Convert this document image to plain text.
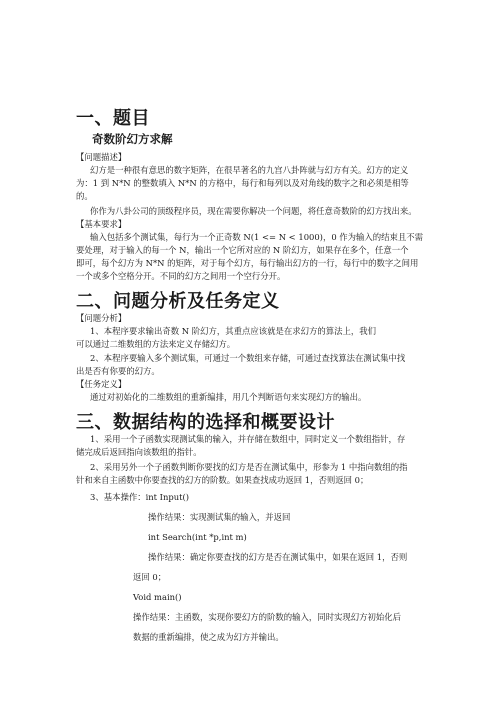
一、题目
奇数阶幻方求解
【问题描述】
幻方是一种很有意思的数字矩阵，在很早著名的九宫八卦阵就与幻方有关。幻方的定义
为：1 到 N*N 的整数填入 N*N 的方格中，每行和每列以及对角线的数字之和必须是相等
的。
你作为八卦公司的顶级程序员，现在需要你解决一个问题，将任意奇数阶的幻方找出来。
【基本要求】
输入包括多个测试集，每行为一个正奇数 N(1 <= N < 1000)，0 作为输入的结束且不需
要处理，对于输入的每一个 N，输出一个它所对应的 N 阶幻方，如果存在多个，任意一个
即可，每个幻方为 N*N 的矩阵，对于每个幻方，每行输出幻方的一行，每行中的数字之间用
一个或多个空格分开。不同的幻方之间用一个空行分开。
二、问题分析及任务定义
【问题分析】
1、本程序要求输出奇数 N 阶幻方，其重点应该就是在求幻方的算法上，我们
可以通过二维数组的方法来定义存储幻方。
2、本程序要输入多个测试集，可通过一个数组来存储，可通过查找算法在测试集中找
出是否有你要的幻方。
【任务定义】
通过对初始化的二维数组的重新编排，用几个判断语句来实现幻方的输出。
三、数据结构的选择和概要设计
1、采用一个子函数实现测试集的输入，并存储在数组中，同时定义一个数组指针，存
储完成后返回指向该数组的指针。
2、采用另外一个子函数判断你要找的幻方是否在测试集中，形参为 1 中指向数组的指
针和来自主函数中你要查找的幻方的阶数。如果查找成功返回 1，否则返回 0；
3、基本操作：int Input()
操作结果：实现测试集的输入，并返回
int Search(int *p,int m)
操作结果：确定你要查找的幻方是否在测试集中，如果在返回 1，否则
返回 0；
Void main()
操作结果：主函数，实现你要幻方的阶数的输入，同时实现幻方初始化后
数据的重新编排，使之成为幻方并输出。
